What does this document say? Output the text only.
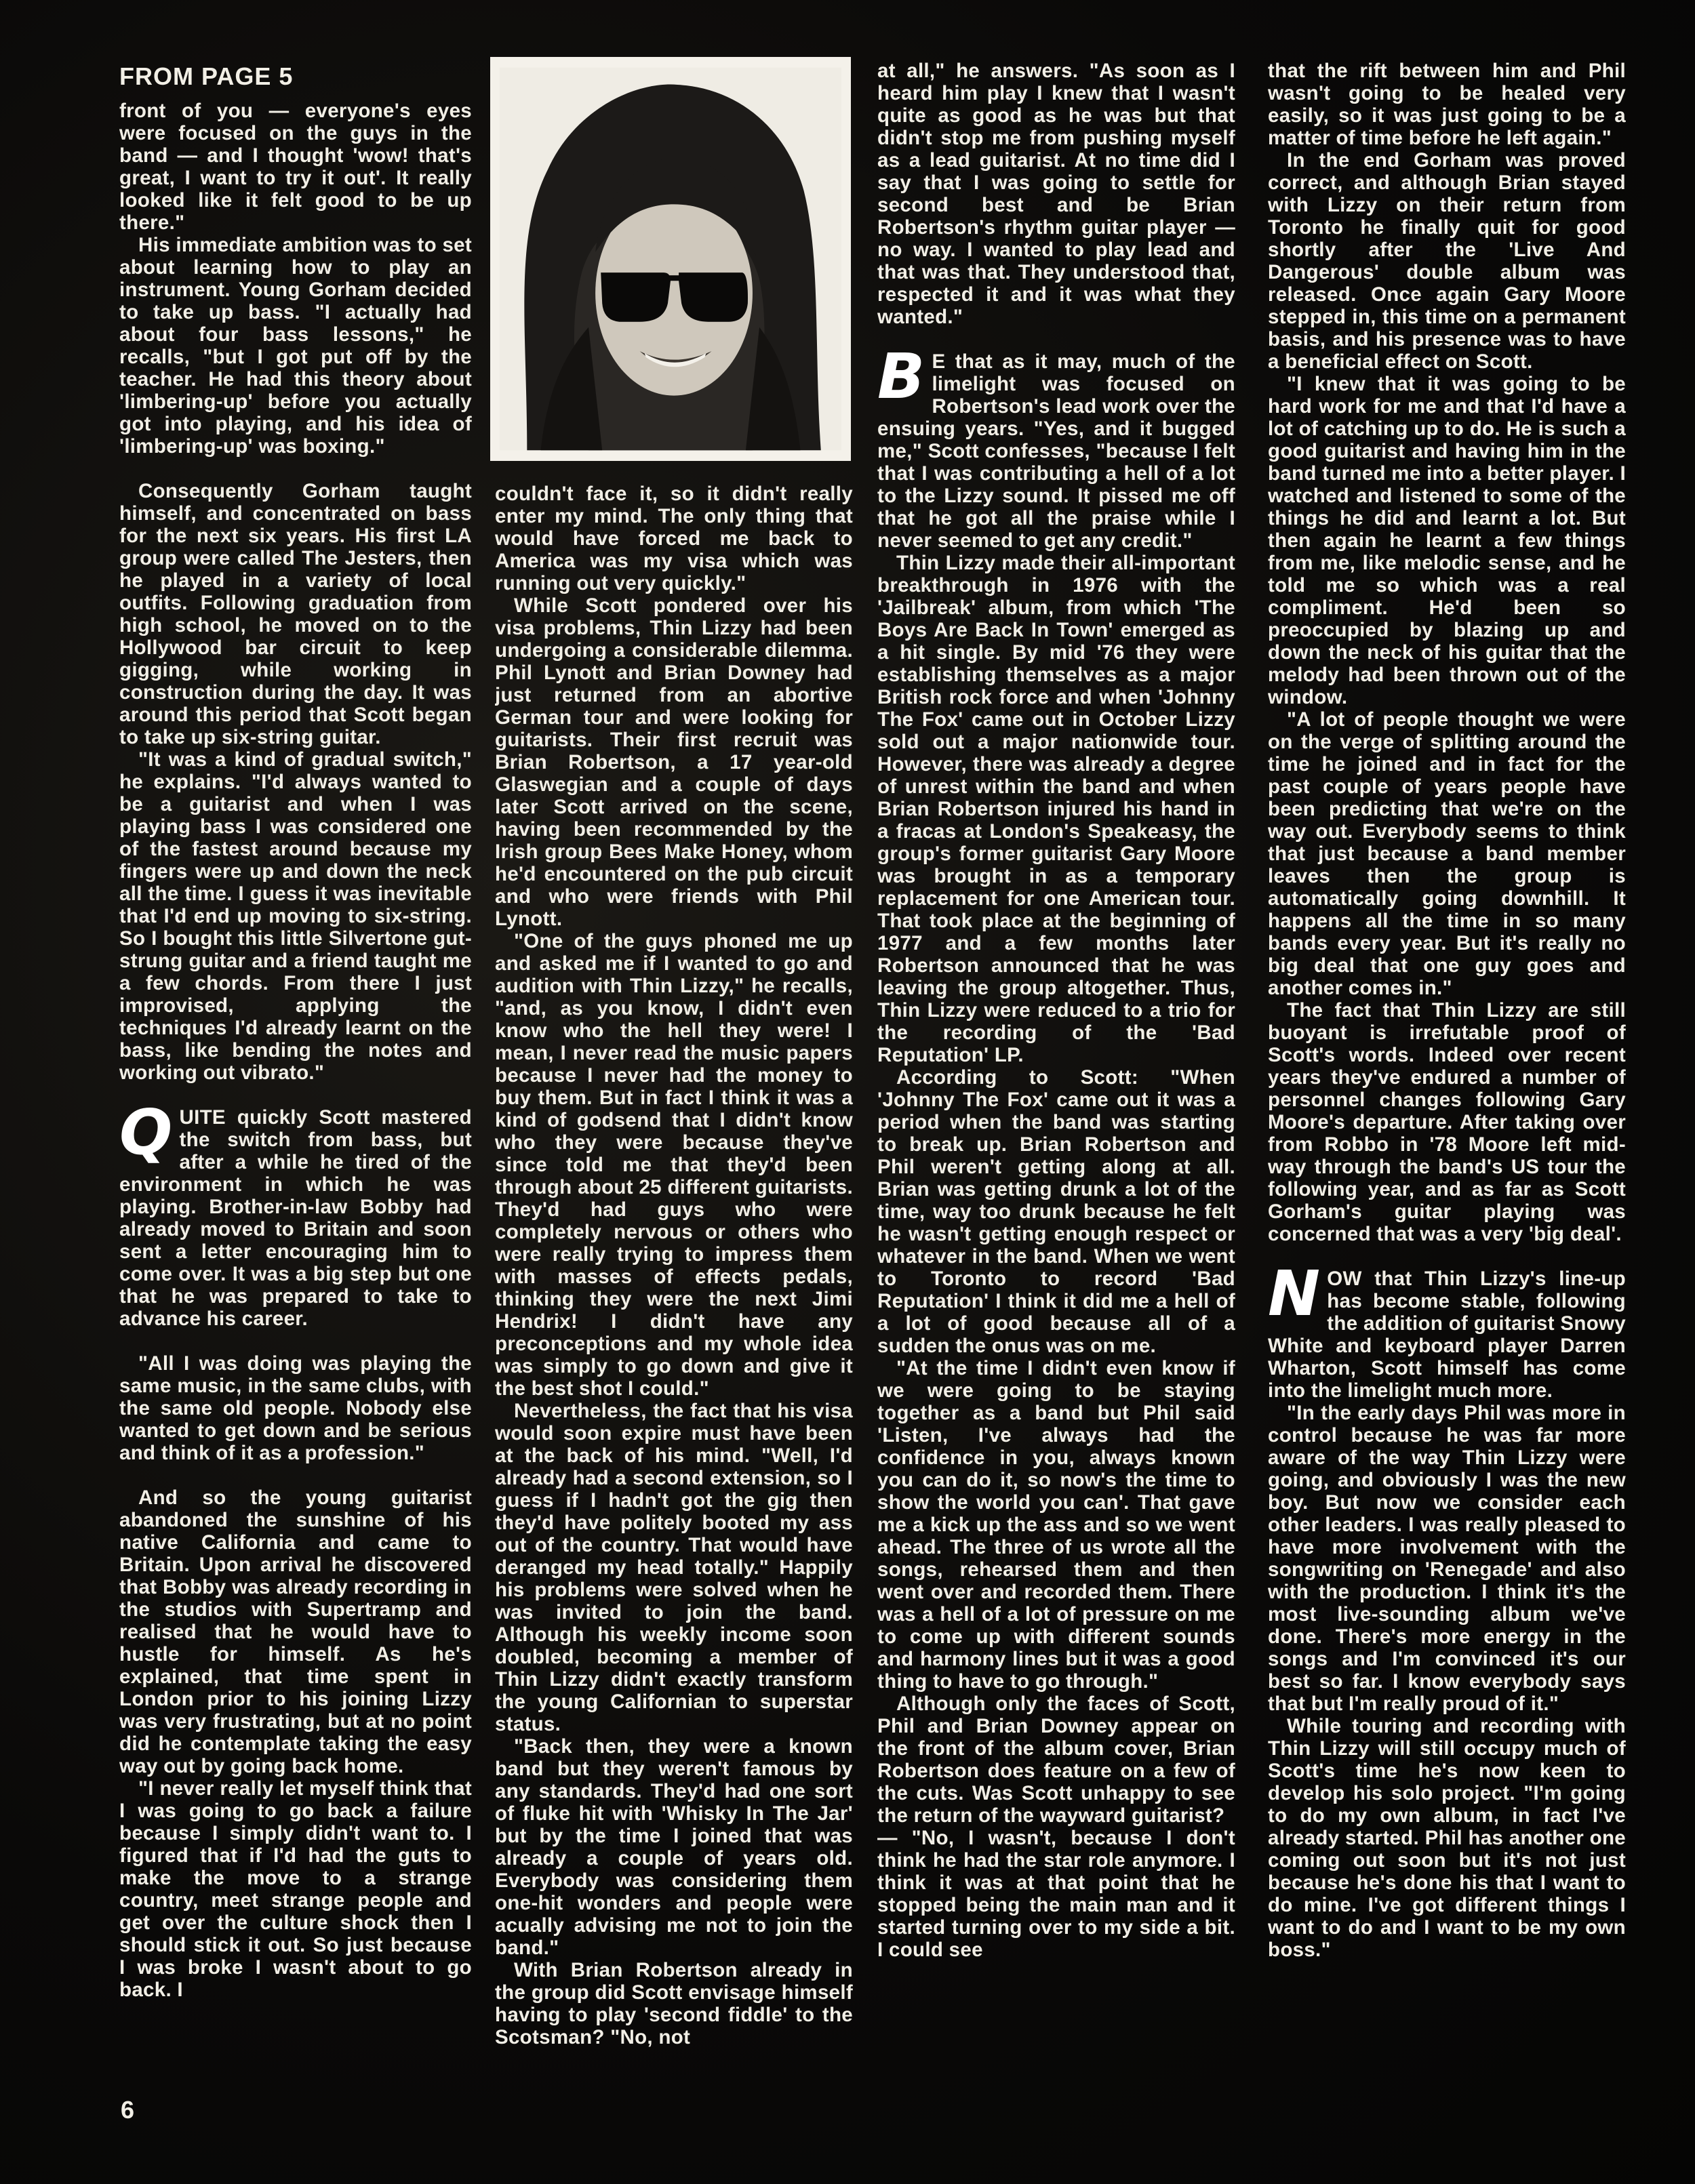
FROM PAGE 5

front of you — everyone's eyes were focused on the guys in the band — and I thought 'wow! that's great, I want to try it out'. It really looked like it felt good to be up there."

His immediate ambition was to set about learning how to play an instrument. Young Gorham decided to take up bass. "I actually had about four bass lessons," he recalls, "but I got put off by the teacher. He had this theory about 'limbering-up' before you actually got into playing, and his idea of 'limbering-up' was boxing."

Consequently Gorham taught himself, and concentrated on bass for the next six years. His first LA group were called The Jesters, then he played in a variety of local outfits. Following graduation from high school, he moved on to the Hollywood bar circuit to keep gigging, while working in construction during the day. It was around this period that Scott began to take up six-string guitar.

"It was a kind of gradual switch," he explains. "I'd always wanted to be a guitarist and when I was playing bass I was considered one of the fastest around because my fingers were up and down the neck all the time. I guess it was inevitable that I'd end up moving to six-string. So I bought this little Silvertone gut-strung guitar and a friend taught me a few chords. From there I just improvised, applying the techniques I'd already learnt on the bass, like bending the notes and working out vibrato."

QUITE quickly Scott mastered the switch from bass, but after a while he tired of the environment in which he was playing. Brother-in-law Bobby had already moved to Britain and soon sent a letter encouraging him to come over. It was a big step but one that he was prepared to take to advance his career.

"All I was doing was playing the same music, in the same clubs, with the same old people. Nobody else wanted to get down and be serious and think of it as a profession."

And so the young guitarist abandoned the sunshine of his native California and came to Britain. Upon arrival he discovered that Bobby was already recording in the studios with Supertramp and realised that he would have to hustle for himself. As he's explained, that time spent in London prior to his joining Lizzy was very frustrating, but at no point did he contemplate taking the easy way out by going back home.

"I never really let myself think that I was going to go back a failure because I simply didn't want to. I figured that if I'd had the guts to make the move to a strange country, meet strange people and get over the culture shock then I should stick it out. So just because I was broke I wasn't about to go back. I

couldn't face it, so it didn't really enter my mind. The only thing that would have forced me back to America was my visa which was running out very quickly."

While Scott pondered over his visa problems, Thin Lizzy had been undergoing a considerable dilemma. Phil Lynott and Brian Downey had just returned from an abortive German tour and were looking for guitarists. Their first recruit was Brian Robertson, a 17 year-old Glaswegian and a couple of days later Scott arrived on the scene, having been recommended by the Irish group Bees Make Honey, whom he'd encountered on the pub circuit and who were friends with Phil Lynott.

"One of the guys phoned me up and asked me if I wanted to go and audition with Thin Lizzy," he recalls, "and, as you know, I didn't even know who the hell they were! I mean, I never read the music papers because I never had the money to buy them. But in fact I think it was a kind of godsend that I didn't know who they were because they've since told me that they'd been through about 25 different guitarists. They'd had guys who were completely nervous or others who were really trying to impress them with masses of effects pedals, thinking they were the next Jimi Hendrix! I didn't have any preconceptions and my whole idea was simply to go down and give it the best shot I could."

Nevertheless, the fact that his visa would soon expire must have been at the back of his mind. "Well, I'd already had a second extension, so I guess if I hadn't got the gig then they'd have politely booted my ass out of the country. That would have deranged my head totally." Happily his problems were solved when he was invited to join the band. Although his weekly income soon doubled, becoming a member of Thin Lizzy didn't exactly transform the young Californian to superstar status.

"Back then, they were a known band but they weren't famous by any standards. They'd had one sort of fluke hit with 'Whisky In The Jar' but by the time I joined that was already a couple of years old. Everybody was considering them one-hit wonders and people were acually advising me not to join the band."

With Brian Robertson already in the group did Scott envisage himself having to play 'second fiddle' to the Scotsman? "No, not

at all," he answers. "As soon as I heard him play I knew that I wasn't quite as good as he was but that didn't stop me from pushing myself as a lead guitarist. At no time did I say that I was going to settle for second best and be Brian Robertson's rhythm guitar player — no way. I wanted to play lead and that was that. They understood that, respected it and it was what they wanted."

B E that as it may, much of the limelight was focused on Robertson's lead work over the ensuing years. "Yes, and it bugged me," Scott confesses, "because I felt that I was contributing a hell of a lot to the Lizzy sound. It pissed me off that he got all the praise while I never seemed to get any credit."

Thin Lizzy made their all-important breakthrough in 1976 with the 'Jailbreak' album, from which 'The Boys Are Back In Town' emerged as a hit single. By mid '76 they were establishing themselves as a major British rock force and when 'Johnny The Fox' came out in October Lizzy sold out a major nationwide tour. However, there was already a degree of unrest within the band and when Brian Robertson injured his hand in a fracas at London's Speakeasy, the group's former guitarist Gary Moore was brought in as a temporary replacement for one American tour. That took place at the beginning of 1977 and a few months later Robertson announced that he was leaving the group altogether. Thus, Thin Lizzy were reduced to a trio for the recording of the 'Bad Reputation' LP.

According to Scott: "When 'Johnny The Fox' came out it was a period when the band was starting to break up. Brian Robertson and Phil weren't getting along at all. Brian was getting drunk a lot of the time, way too drunk because he felt he wasn't getting enough respect or whatever in the band. When we went to Toronto to record 'Bad Reputation' I think it did me a hell of a lot of good because all of a sudden the onus was on me.

"At the time I didn't even know if we were going to be staying together as a band but Phil said 'Listen, I've always had the confidence in you, always known you can do it, so now's the time to show the world you can'. That gave me a kick up the ass and so we went ahead. The three of us wrote all the songs, rehearsed them and then went over and recorded them. There was a hell of a lot of pressure on me to come up with different sounds and harmony lines but it was a good thing to have to go through."

Although only the faces of Scott, Phil and Brian Downey appear on the front of the album cover, Brian Robertson does feature on a few of the cuts. Was Scott unhappy to see the return of the wayward guitarist?

— "No, I wasn't, because I don't think he had the star role anymore. I think it was at that point that he stopped being the main man and it started turning over to my side a bit. I could see

that the rift between him and Phil wasn't going to be healed very easily, so it was just going to be a matter of time before he left again."

In the end Gorham was proved correct, and although Brian stayed with Lizzy on their return from Toronto he finally quit for good shortly after the 'Live And Dangerous' double album was released. Once again Gary Moore stepped in, this time on a permanent basis, and his presence was to have a beneficial effect on Scott.

"I knew that it was going to be hard work for me and that I'd have a lot of catching up to do. He is such a good guitarist and having him in the band turned me into a better player. I watched and listened to some of the things he did and learnt a lot. But then again he learnt a few things from me, like melodic sense, and he told me so which was a real compliment. He'd been so preoccupied by blazing up and down the neck of his guitar that the melody had been thrown out of the window.

"A lot of people thought we were on the verge of splitting around the time he joined and in fact for the past couple of years people have been predicting that we're on the way out. Everybody seems to think that just because a band member leaves then the group is automatically going downhill. It happens all the time in so many bands every year. But it's really no big deal that one guy goes and another comes in."

The fact that Thin Lizzy are still buoyant is irrefutable proof of Scott's words. Indeed over recent years they've endured a number of personnel changes following Gary Moore's departure. After taking over from Robbo in '78 Moore left mid-way through the band's US tour the following year, and as far as Scott Gorham's guitar playing was concerned that was a very 'big deal'.

NOW that Thin Lizzy's line-up has become stable, following the addition of guitarist Snowy White and keyboard player Darren Wharton, Scott himself has come into the limelight much more.

"In the early days Phil was more in control because he was far more aware of the way Thin Lizzy were going, and obviously I was the new boy. But now we consider each other leaders. I was really pleased to have more involvement with the songwriting on 'Renegade' and also with the production. I think it's the most live-sounding album we've done. There's more energy in the songs and I'm convinced it's our best so far. I know everybody says that but I'm really proud of it."

While touring and recording with Thin Lizzy will still occupy much of Scott's time he's now keen to develop his solo project. "I'm going to do my own album, in fact I've already started. Phil has another one coming out soon but it's not just because he's done his that I want to do mine. I've got different things I want to do and I want to be my own boss."

6
